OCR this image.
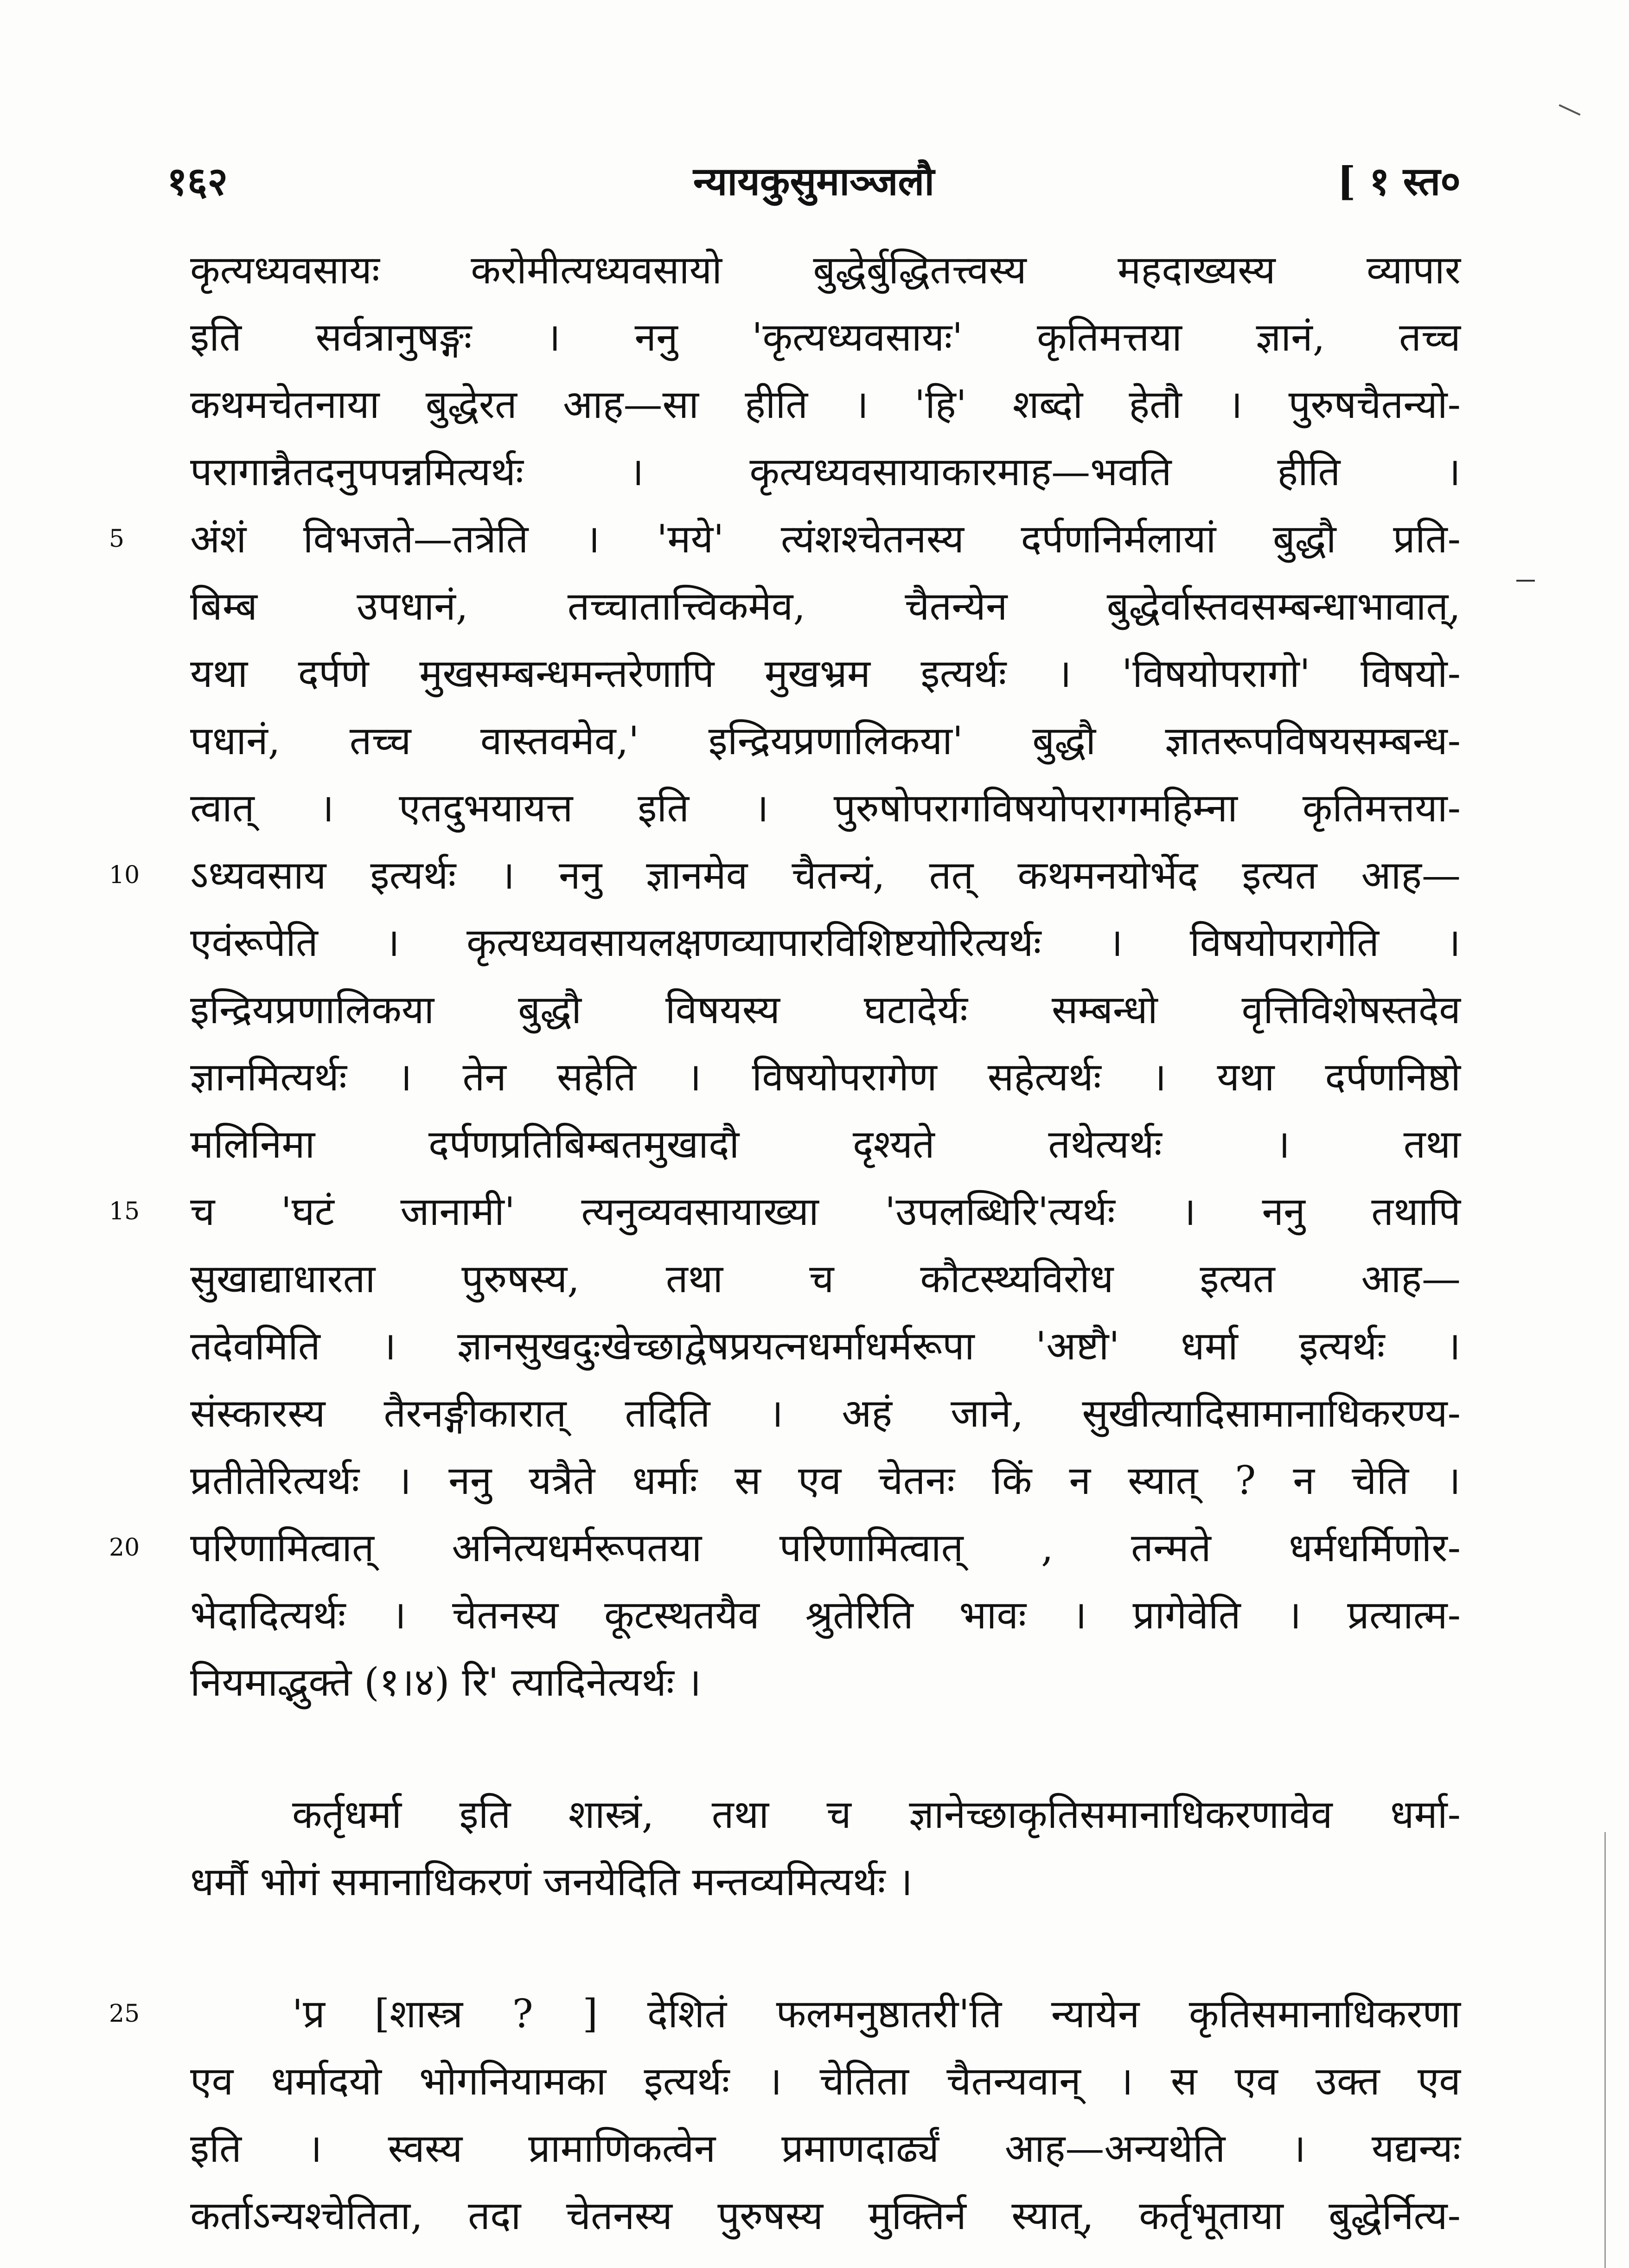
१६२	न्यायकुसुमाञ्जलौ	[ १ स्त०
कृत्यध्यवसायः करोमीत्यध्यवसायो बुद्धेर्बुद्धितत्त्वस्य महदाख्यस्य व्यापार
इति सर्वत्रानुषङ्गः । ननु 'कृत्यध्यवसायः' कृतिमत्तया ज्ञानं, तच्च
कथमचेतनाया बुद्धेरत आह—सा हीति । 'हि' शब्दो हेतौ । पुरुषचैतन्यो-
परागान्नैतदनुपपन्नमित्यर्थः । कृत्यध्यवसायाकारमाह—भवति हीति ।
5	अंशं विभजते—तत्रेति । 'मये' त्यंशश्चेतनस्य दर्पणनिर्मलायां बुद्धौ प्रति-
बिम्ब उपधानं, तच्चातात्त्विकमेव, चैतन्येन बुद्धेर्वास्तवसम्बन्धाभावात्,
यथा दर्पणे मुखसम्बन्धमन्तरेणापि मुखभ्रम इत्यर्थः । 'विषयोपरागो' विषयो-
पधानं, तच्च वास्तवमेव,' इन्द्रियप्रणालिकया' बुद्धौ ज्ञातरूपविषयसम्बन्ध-
त्वात् । एतदुभयायत्त इति । पुरुषोपरागविषयोपरागमहिम्ना कृतिमत्तया-
10	ऽध्यवसाय इत्यर्थः । ननु ज्ञानमेव चैतन्यं, तत् कथमनयोर्भेद इत्यत आह—
एवंरूपेति । कृत्यध्यवसायलक्षणव्यापारविशिष्टयोरित्यर्थः । विषयोपरागेति ।
इन्द्रियप्रणालिकया बुद्धौ विषयस्य घटादेर्यः सम्बन्धो वृत्तिविशेषस्तदेव
ज्ञानमित्यर्थः । तेन सहेति । विषयोपरागेण सहेत्यर्थः । यथा दर्पणनिष्ठो
मलिनिमा दर्पणप्रतिबिम्बतमुखादौ दृश्यते तथेत्यर्थः । तथा
15	च 'घटं जानामी' त्यनुव्यवसायाख्या 'उपलब्धिरि'त्यर्थः । ननु तथापि
सुखाद्याधारता पुरुषस्य, तथा च कौटस्थ्यविरोध इत्यत आह—
तदेवमिति । ज्ञानसुखदुःखेच्छाद्वेषप्रयत्नधर्माधर्मरूपा 'अष्टौ' धर्मा इत्यर्थः ।
संस्कारस्य तैरनङ्गीकारात् तदिति । अहं जाने, सुखीत्यादिसामानाधिकरण्य-
प्रतीतेरित्यर्थः । ननु यत्रैते धर्माः स एव चेतनः किं न स्यात् ? न चेति ।
20	परिणामित्वात् अनित्यधर्मरूपतया परिणामित्वात् , तन्मते धर्मधर्मिणोर-
भेदादित्यर्थः । चेतनस्य कूटस्थतयैव श्रुतेरिति भावः । प्रागेवेति । प्रत्यात्म-
नियमाद्भुक्ते (१।४) रि' त्यादिनेत्यर्थः ।
कर्तृधर्मा इति शास्त्रं, तथा च ज्ञानेच्छाकृतिसमानाधिकरणावेव धर्मा-
धर्मौ भोगं समानाधिकरणं जनयेदिति मन्तव्यमित्यर्थः ।
25	'प्र [शास्त्र ? ] देशितं फलमनुष्ठातरी'ति न्यायेन कृतिसमानाधिकरणा
एव धर्मादयो भोगनियामका इत्यर्थः । चेतिता चैतन्यवान् । स एव उक्त एव
इति । स्वस्य प्रामाणिकत्वेन प्रमाणदार्ढ्यं आह—अन्यथेति । यद्यन्यः
कर्ताऽन्यश्चेतिता, तदा चेतनस्य पुरुषस्य मुक्तिर्न स्यात्, कर्तृभूताया बुद्धेर्नित्य-
